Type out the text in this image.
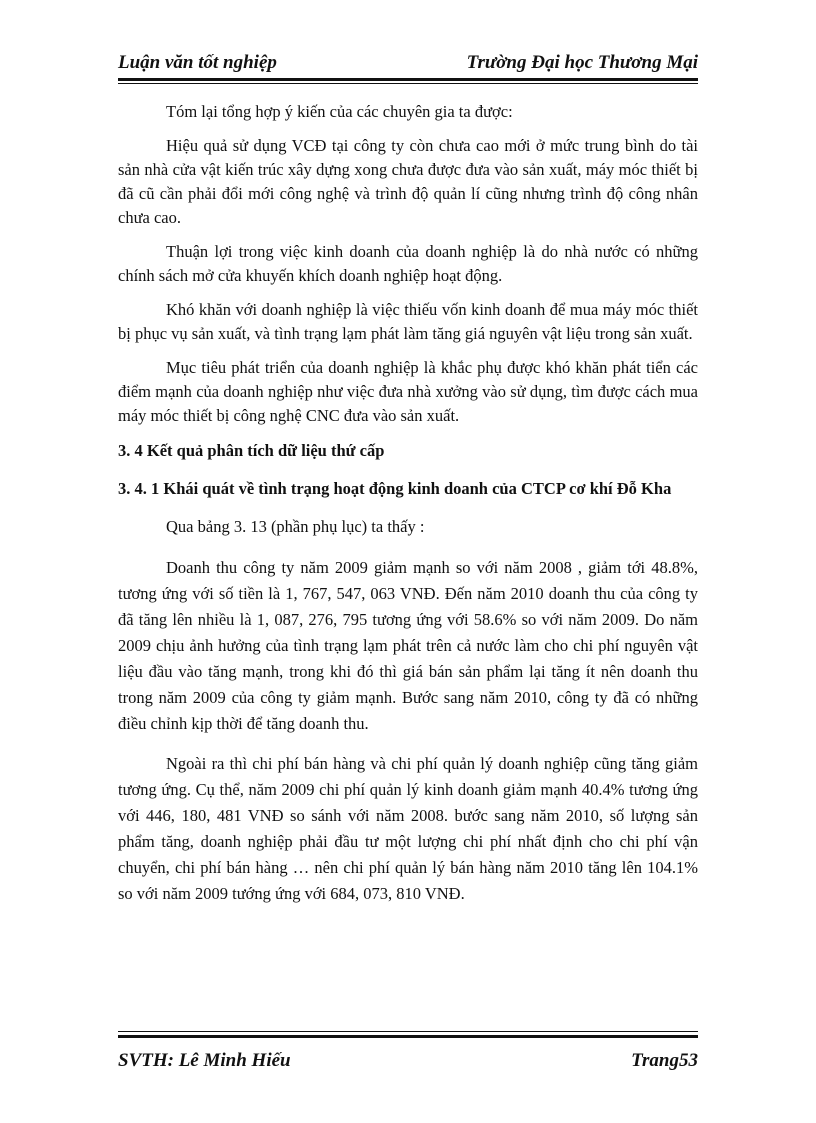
Luận văn tốt nghiệp	Trường Đại học Thương Mại

Tóm lại tổng hợp ý kiến của các chuyên gia ta được:

Hiệu quả sử dụng VCĐ tại công ty còn chưa cao mới ở mức trung bình do tài sản nhà cửa vật kiến trúc xây dựng xong chưa được đưa vào sản xuất, máy móc thiết bị đã cũ cần phải đổi mới công nghệ và trình độ quản lí cũng nhưng trình độ công nhân chưa cao.

Thuận lợi trong việc kinh doanh của doanh nghiệp là do nhà nước có những chính sách mở cửa khuyến khích doanh nghiệp hoạt động.

Khó khăn với doanh nghiệp là việc thiếu vốn kinh doanh để mua máy móc thiết bị phục vụ sản xuất, và tình trạng lạm phát làm tăng giá nguyên vật liệu trong sản xuất.

Mục tiêu phát triển của doanh nghiệp là khắc phụ được khó khăn phát tiển các điểm mạnh của doanh nghiệp như việc đưa nhà xưởng vào sử dụng, tìm được cách mua máy móc thiết bị công nghệ CNC đưa vào sản xuất.

3. 4 Kết quả phân tích dữ liệu thứ cấp
3. 4. 1 Khái quát về tình trạng hoạt động kinh doanh của CTCP cơ khí Đỗ Kha

Qua bảng 3. 13 (phần phụ lục) ta thấy :

Doanh thu công ty năm 2009 giảm mạnh so với năm 2008 , giảm tới 48.8%, tương ứng với số tiền là 1, 767, 547, 063 VNĐ. Đến năm 2010 doanh thu của công ty đã tăng lên nhiều là 1, 087, 276, 795 tương ứng với 58.6% so với năm 2009. Do năm 2009 chịu ảnh hưởng của tình trạng lạm phát trên cả nước làm cho chi phí nguyên vật liệu đầu vào tăng mạnh, trong khi đó thì giá bán sản phẩm lại tăng ít nên doanh thu trong năm 2009 của công ty giảm mạnh. Bước sang năm 2010, công ty đã có những điều chỉnh kịp thời để tăng doanh thu.

Ngoài ra thì chi phí bán hàng và chi phí quản lý doanh nghiệp cũng tăng giảm tương ứng. Cụ thể, năm 2009 chi phí quản lý kinh doanh giảm mạnh 40.4% tương ứng với 446, 180, 481 VNĐ so sánh với năm 2008. bước sang năm 2010, số lượng sản phẩm tăng, doanh nghiệp phải đầu tư một lượng chi phí nhất định cho chi phí vận chuyển, chi phí bán hàng … nên chi phí quản lý bán hàng năm 2010 tăng lên 104.1% so với năm 2009 tướng ứng với 684, 073, 810 VNĐ.

SVTH: Lê Minh Hiếu	Trang53
